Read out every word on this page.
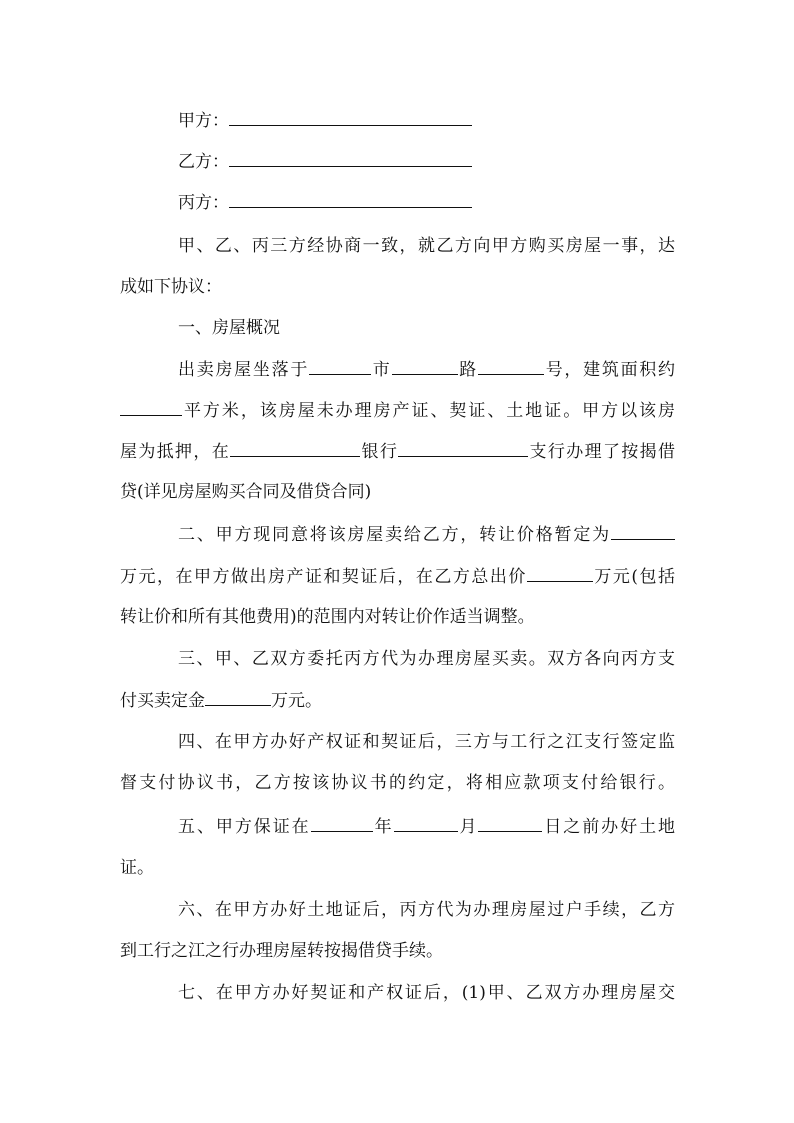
甲方：
乙方：
丙方：
甲、乙、丙三方经协商一致，就乙方向甲方购买房屋一事，达
成如下协议：
一、房屋概况
出卖房屋坐落于	市	路	号，建筑面积约
平方米，该房屋未办理房产证、契证、土地证。甲方以该房
屋为抵押，在	银行	支行办理了按揭借
贷(详见房屋购买合同及借贷合同)
二、甲方现同意将该房屋卖给乙方，转让价格暂定为
万元，在甲方做出房产证和契证后，在乙方总出价	万元(包括
转让价和所有其他费用)的范围内对转让价作适当调整。
三、甲、乙双方委托丙方代为办理房屋买卖。双方各向丙方支
付买卖定金	万元。
四、在甲方办好产权证和契证后，三方与工行之江支行签定监
督支付协议书，乙方按该协议书的约定，将相应款项支付给银行。
五、甲方保证在	年	月	日之前办好土地
证。
六、在甲方办好土地证后，丙方代为办理房屋过户手续，乙方
到工行之江之行办理房屋转按揭借贷手续。
七、在甲方办好契证和产权证后，(1)甲、乙双方办理房屋交
